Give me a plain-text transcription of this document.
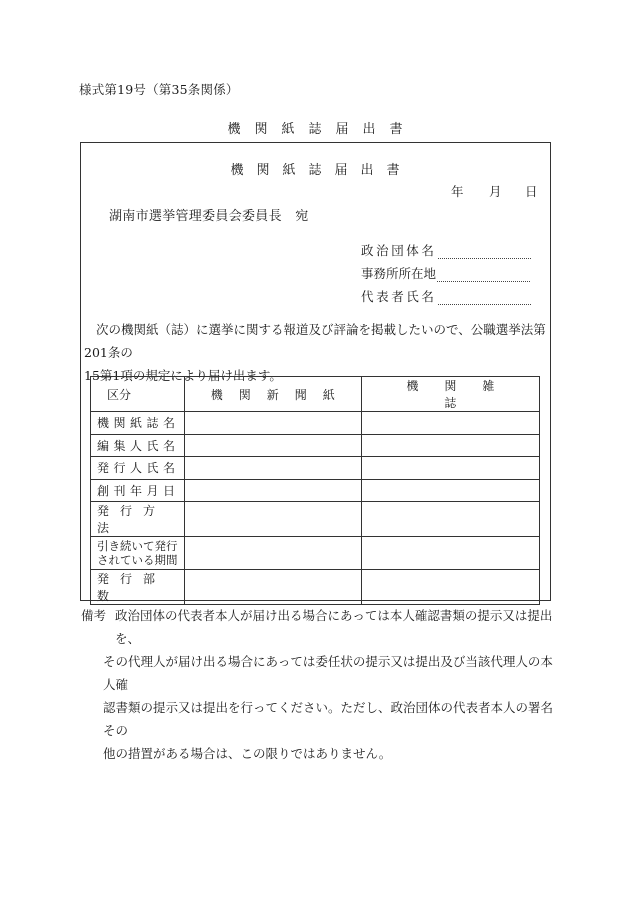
様式第19号（第35条関係）
機関紙誌届出書
機関紙誌届出書
年 月 日
湖南市選挙管理委員会委員長　宛
政治団体名
事務所所在地
代表者氏名
次の機関紙（誌）に選挙に関する報道及び評論を掲載したいので、公職選挙法第201条の
15第1項の規定により届け出ます。
区分	機関新聞紙	機関雑誌

機関紙誌名		

編集人氏名		

発行人氏名		

創刊年月日		

発行方法		

引き続いて発行
されている期間		

発行部数		

備考 政治団体の代表者本人が届け出る場合にあっては本人確認書類の提示又は提出を、
その代理人が届け出る場合にあっては委任状の提示又は提出及び当該代理人の本人確
認書類の提示又は提出を行ってください。ただし、政治団体の代表者本人の署名その
他の措置がある場合は、この限りではありません。
